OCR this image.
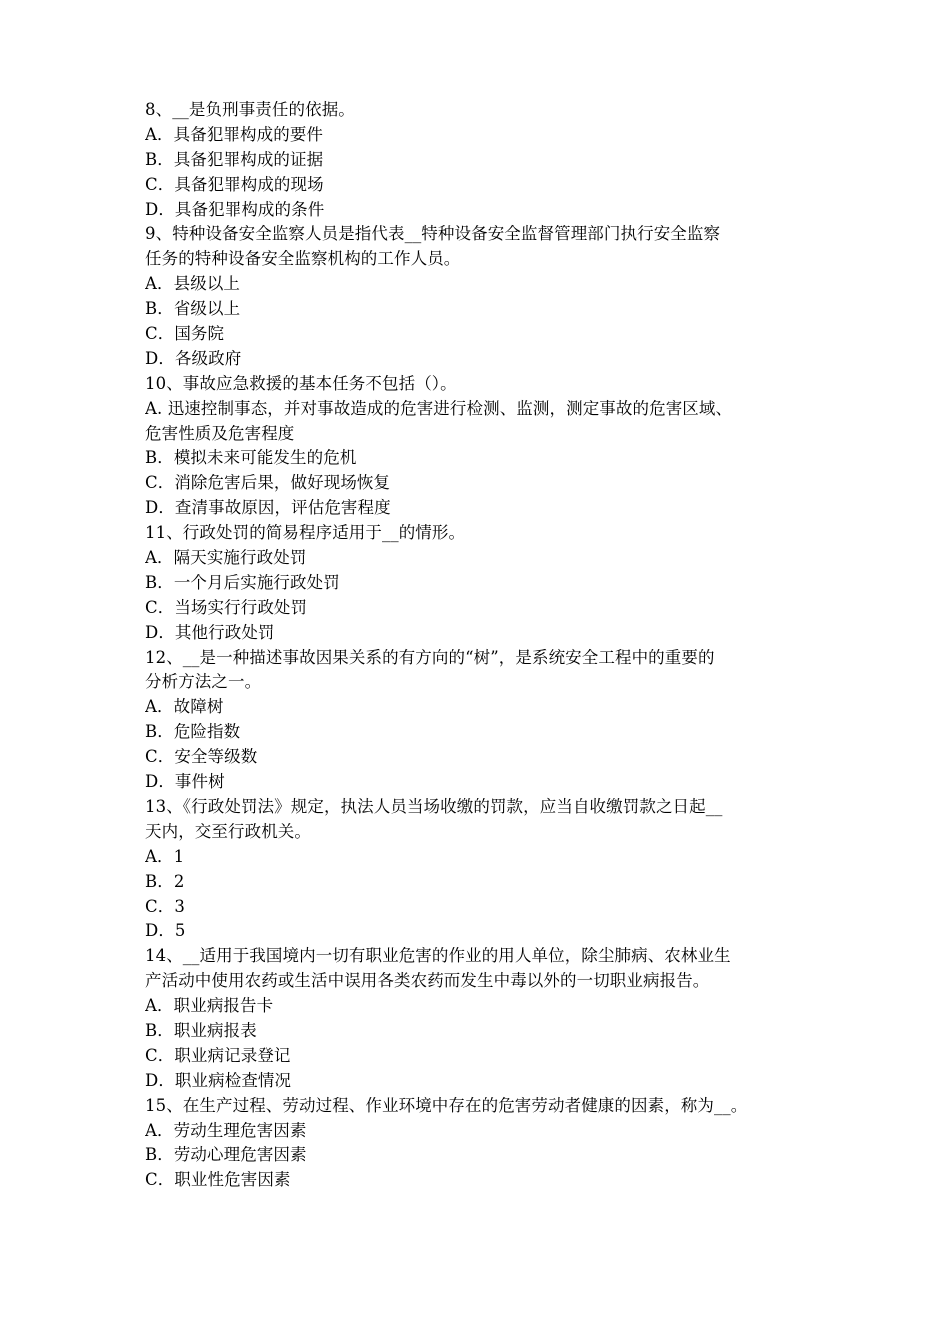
8、__是负刑事责任的依据。
A．具备犯罪构成的要件
B．具备犯罪构成的证据
C．具备犯罪构成的现场
D．具备犯罪构成的条件
9、特种设备安全监察人员是指代表__特种设备安全监督管理部门执行安全监察
任务的特种设备安全监察机构的工作人员。
A．县级以上
B．省级以上
C．国务院
D．各级政府
10、事故应急救援的基本任务不包括（）。
A. 迅速控制事态，并对事故造成的危害进行检测、监测，测定事故的危害区域、
危害性质及危害程度
B．模拟未来可能发生的危机
C．消除危害后果，做好现场恢复
D．查清事故原因，评估危害程度
11、行政处罚的简易程序适用于__的情形。
A．隔天实施行政处罚
B．一个月后实施行政处罚
C．当场实行行政处罚
D．其他行政处罚
12、__是一种描述事故因果关系的有方向的“树”，是系统安全工程中的重要的
分析方法之一。
A．故障树
B．危险指数
C．安全等级数
D．事件树
13、《行政处罚法》规定，执法人员当场收缴的罚款，应当自收缴罚款之日起__
天内，交至行政机关。
A．1
B．2
C．3
D．5
14、__适用于我国境内一切有职业危害的作业的用人单位，除尘肺病、农林业生
产活动中使用农药或生活中误用各类农药而发生中毒以外的一切职业病报告。
A．职业病报告卡
B．职业病报表
C．职业病记录登记
D．职业病检查情况
15、在生产过程、劳动过程、作业环境中存在的危害劳动者健康的因素，称为__。
A．劳动生理危害因素
B．劳动心理危害因素
C．职业性危害因素
